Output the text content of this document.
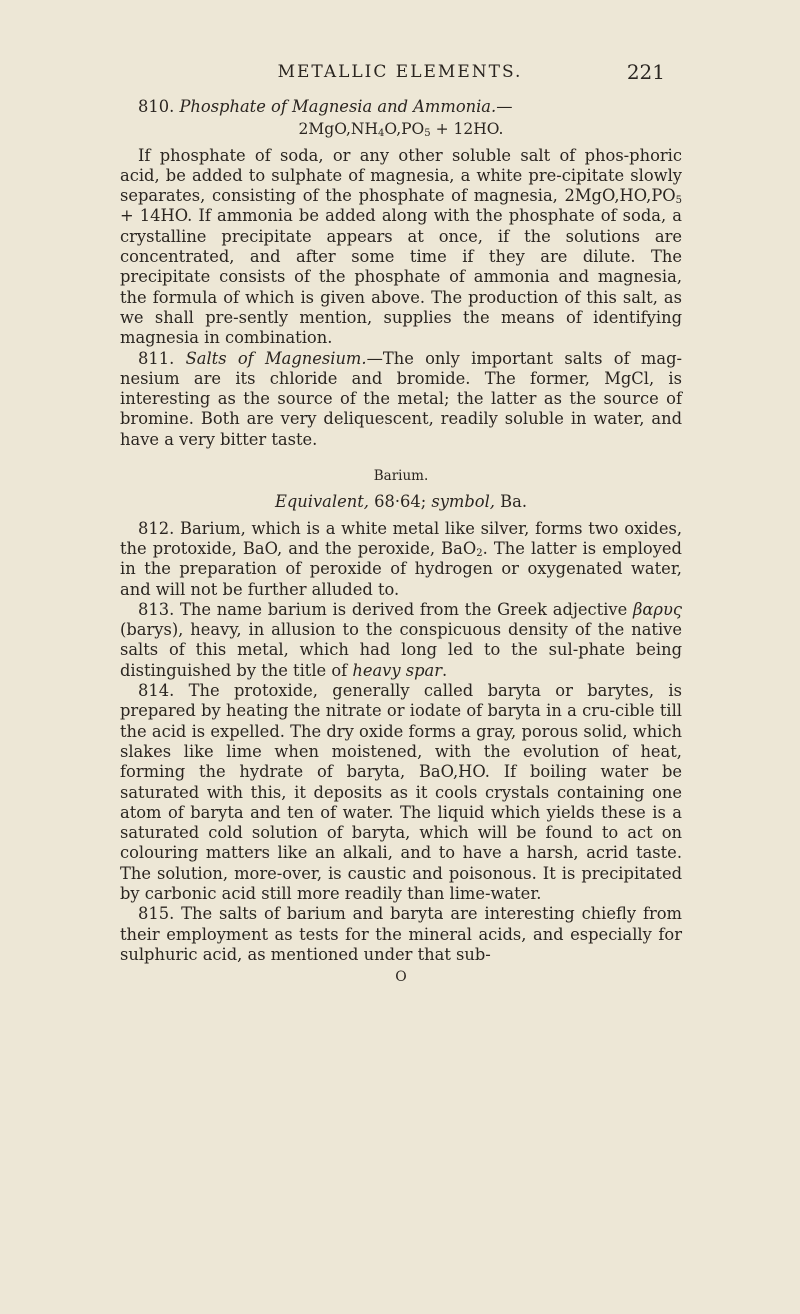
METALLIC ELEMENTS.	221

810. Phosphate of Magnesia and Ammonia.—

$2MgO,NH_4O,PO_5 + 12HO$.

If phosphate of soda, or any other soluble salt of phos-phoric acid, be added to sulphate of magnesia, a white pre-cipitate slowly separates, consisting of the phosphate of magnesia, $2MgO,HO,PO_5 + 14HO$. If ammonia be added along with the phosphate of soda, a crystalline precipitate appears at once, if the solutions are concentrated, and after some time if they are dilute. The precipitate consists of the phosphate of ammonia and magnesia, the formula of which is given above. The production of this salt, as we shall pre-sently mention, supplies the means of identifying magnesia in combination.

811. Salts of Magnesium.—The only important salts of mag-nesium are its chloride and bromide. The former, MgCl, is interesting as the source of the metal; the latter as the source of bromine. Both are very deliquescent, readily soluble in water, and have a very bitter taste.

Barium.
Equivalent, 68·64; symbol, Ba.

812. Barium, which is a white metal like silver, forms two oxides, the protoxide, BaO, and the peroxide, BaO$_2$. The latter is employed in the preparation of peroxide of hydrogen or oxygenated water, and will not be further alluded to.

813. The name barium is derived from the Greek adjective βαρυς (barys), heavy, in allusion to the conspicuous density of the native salts of this metal, which had long led to the sul-phate being distinguished by the title of heavy spar.

814. The protoxide, generally called baryta or barytes, is prepared by heating the nitrate or iodate of baryta in a cru-cible till the acid is expelled. The dry oxide forms a gray, porous solid, which slakes like lime when moistened, with the evolution of heat, forming the hydrate of baryta, BaO,HO. If boiling water be saturated with this, it deposits as it cools crystals containing one atom of baryta and ten of water. The liquid which yields these is a saturated cold solution of baryta, which will be found to act on colouring matters like an alkali, and to have a harsh, acrid taste. The solution, more-over, is caustic and poisonous. It is precipitated by carbonic acid still more readily than lime-water.

815. The salts of barium and baryta are interesting chiefly from their employment as tests for the mineral acids, and especially for sulphuric acid, as mentioned under that sub-

O
